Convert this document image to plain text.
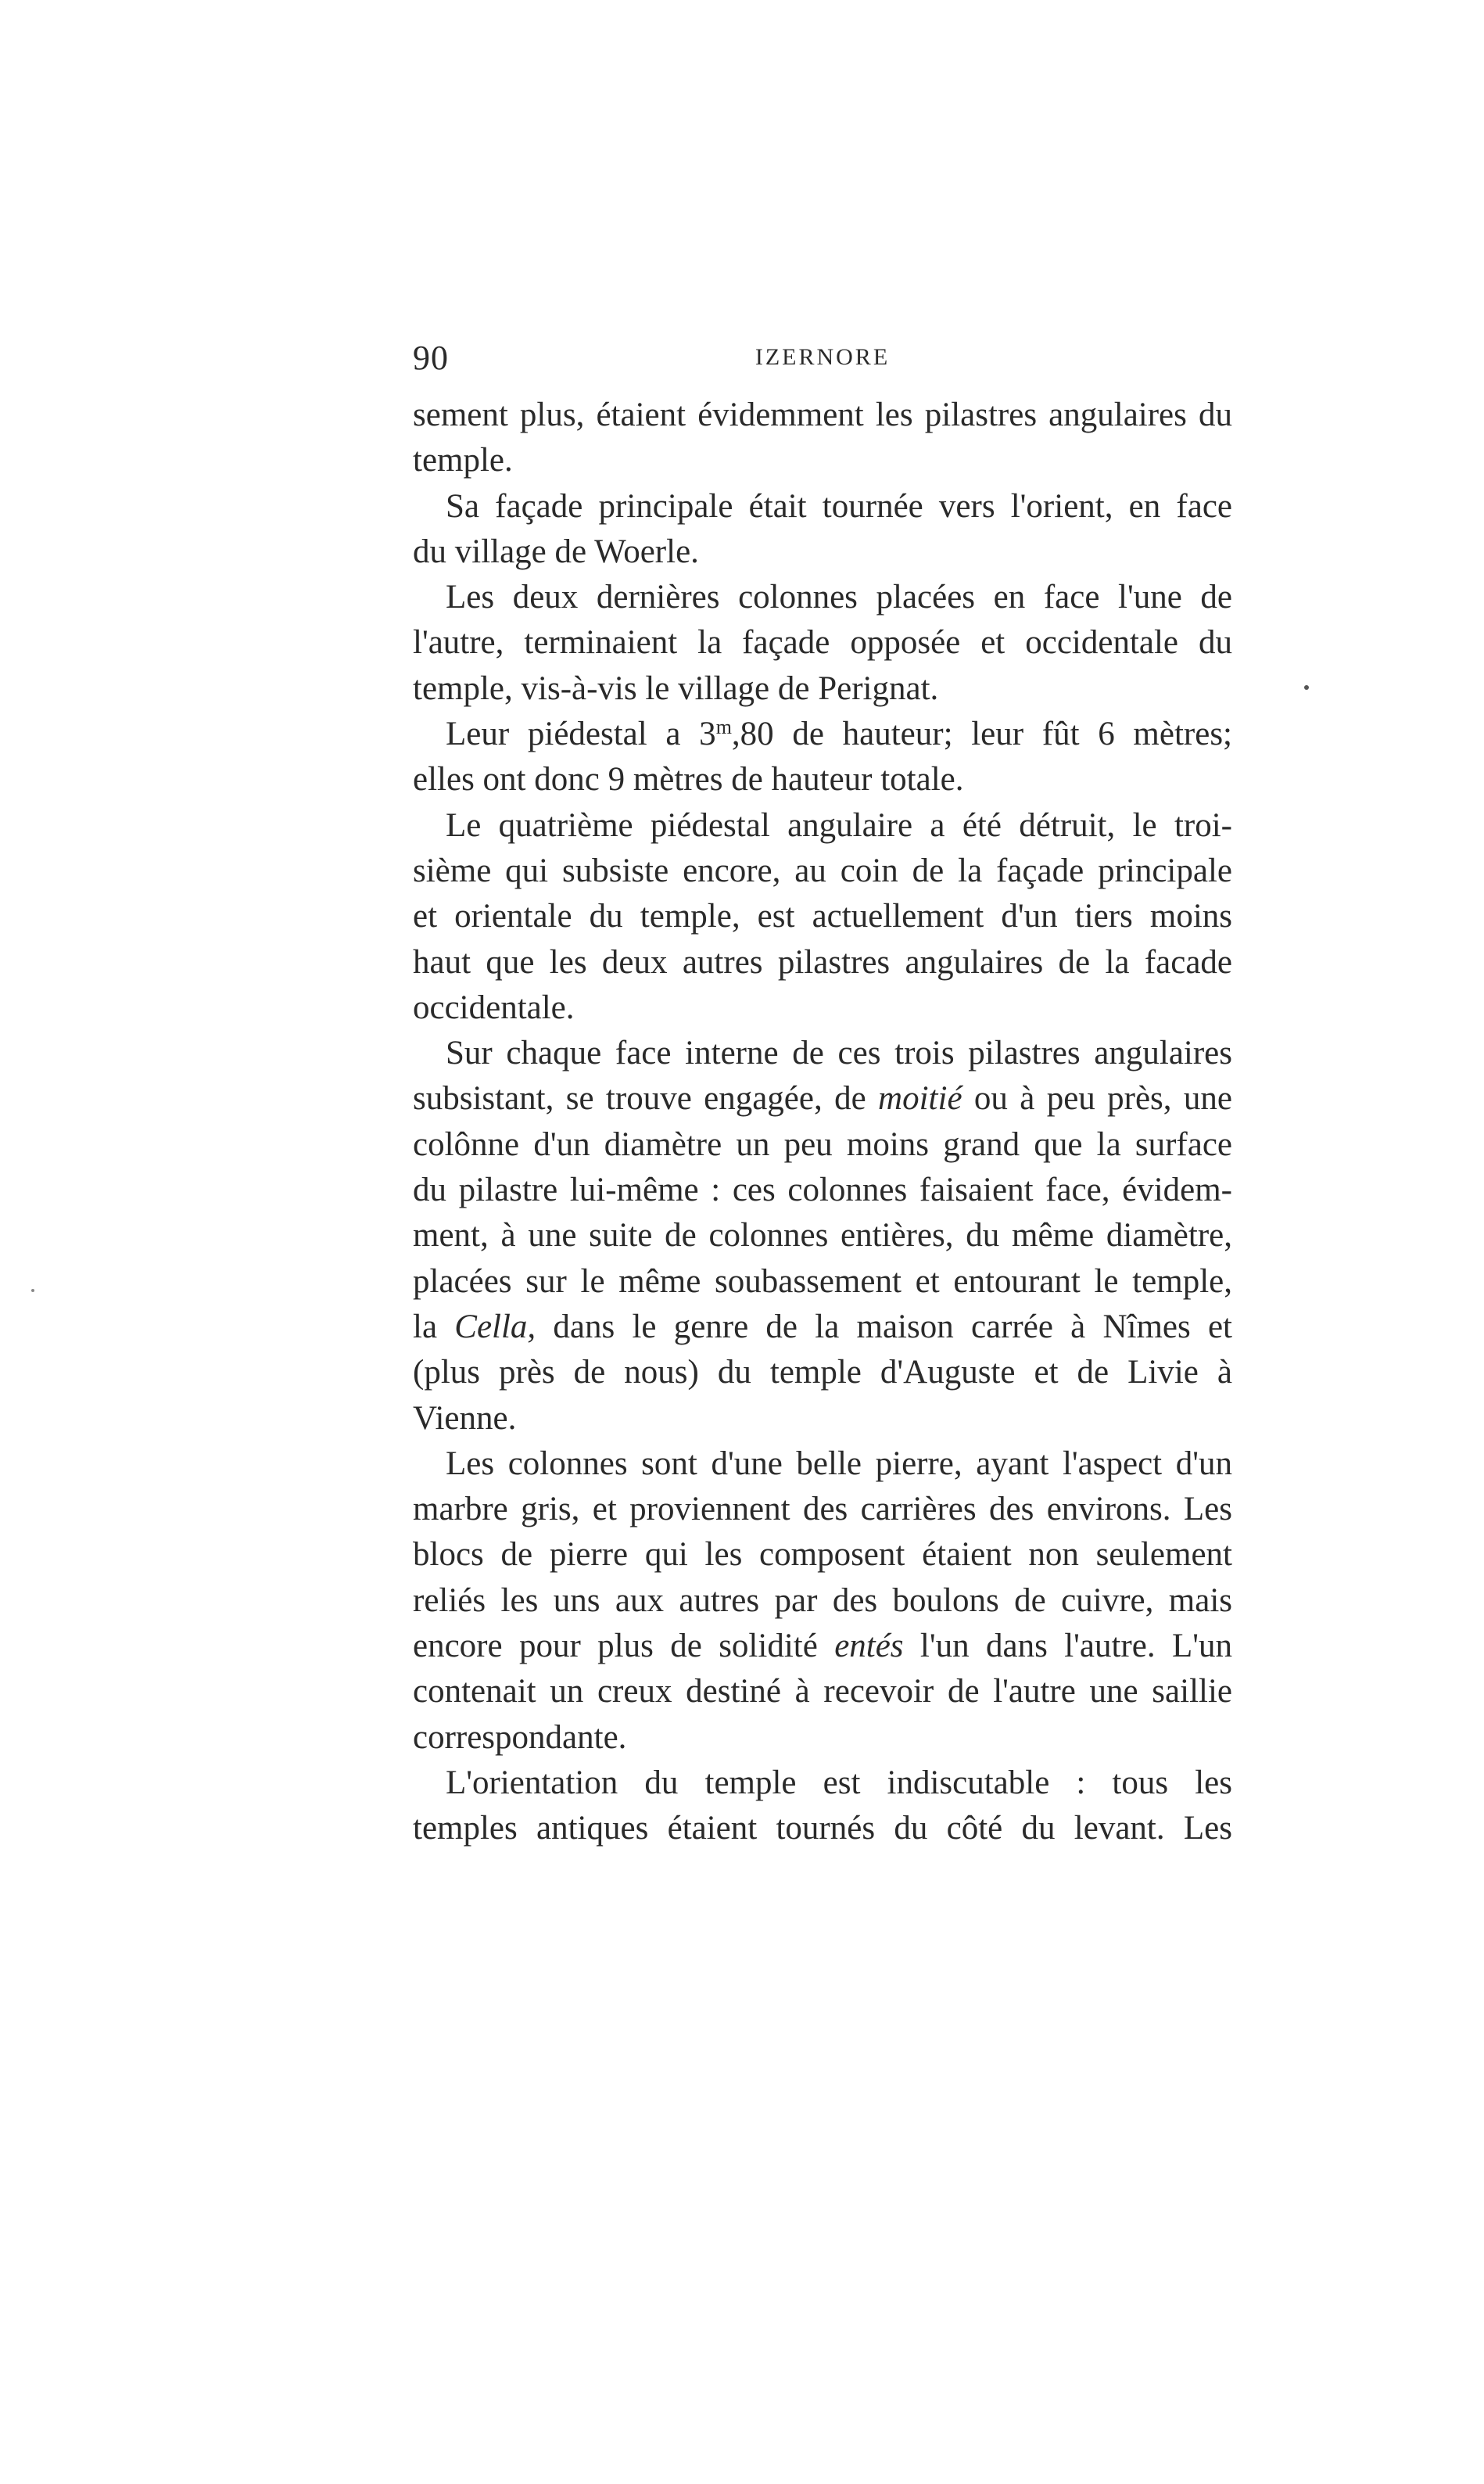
90	IZERNORE
sement plus, étaient évidemment les pilastres angulaires du
temple.
Sa façade principale était tournée vers l'orient, en face
du village de Woerle.
Les deux dernières colonnes placées en face l'une de
l'autre, terminaient la façade opposée et occidentale du
temple, vis-à-vis le village de Perignat.
Leur piédestal a 3$^m$,80 de hauteur; leur fût 6 mètres;
elles ont donc 9 mètres de hauteur totale.
Le quatrième piédestal angulaire a été détruit, le troi-
sième qui subsiste encore, au coin de la façade principale
et orientale du temple, est actuellement d'un tiers moins
haut que les deux autres pilastres angulaires de la facade
occidentale.
Sur chaque face interne de ces trois pilastres angulaires
subsistant, se trouve engagée, de moitié ou à peu près, une
colônne d'un diamètre un peu moins grand que la surface
du pilastre lui-même : ces colonnes faisaient face, évidem-
ment, à une suite de colonnes entières, du même diamètre,
placées sur le même soubassement et entourant le temple,
la Cella, dans le genre de la maison carrée à Nîmes et
(plus près de nous) du temple d'Auguste et de Livie à
Vienne.
Les colonnes sont d'une belle pierre, ayant l'aspect d'un
marbre gris, et proviennent des carrières des environs. Les
blocs de pierre qui les composent étaient non seulement
reliés les uns aux autres par des boulons de cuivre, mais
encore pour plus de solidité entés l'un dans l'autre. L'un
contenait un creux destiné à recevoir de l'autre une saillie
correspondante.
L'orientation du temple est indiscutable : tous les
temples antiques étaient tournés du côté du levant. Les
